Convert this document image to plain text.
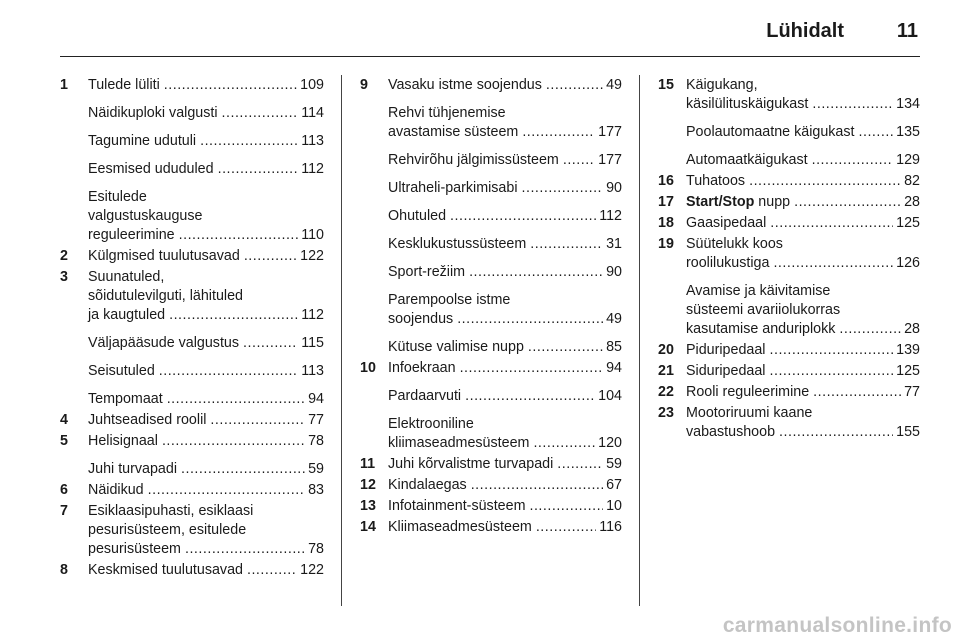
Lühidalt	11
1 Tulede lüliti .....	109
Näidikuploki valgusti .....	114
Tagumine udutuli .....	113
Eesmised ududuled .....	112
Esitulede
valgustuskauguse
reguleerimine .....	110
2 Külgmised tuulutusavad .....	122
3 Suunatuled,
sõidutulevilguti, lähituled
ja kaugtuled .....	112
Väljapääsude valgustus .....	115
Seisutuled .....	113
Tempomaat .....	94
4 Juhtseadised roolil .....	77
5 Helisignaal .....	78
Juhi turvapadi .....	59
6 Näidikud .....	83
7 Esiklaasipuhasti, esiklaasi
pesurisüsteem, esitulede
pesurisüsteem .....	78
8 Keskmised tuulutusavad .....	122
9 Vasaku istme soojendus .....	49
Rehvi tühjenemise
avastamise süsteem .....	177
Rehvirõhu jälgimissüsteem .....	177
Ultraheli-parkimisabi .....	90
Ohutuled .....	112
Kesklukustussüsteem .....	31
Sport-režiim .....	90
Parempoolse istme
soojendus .....	49
Kütuse valimise nupp .....	85
10 Infoekraan .....	94
Pardaarvuti .....	104
Elektrooniline
kliimaseadmesüsteem .....	120
11 Juhi kõrvalistme turvapadi .....	59
12 Kindalaegas .....	67
13 Infotainment-süsteem .....	10
14 Kliimaseadmesüsteem .....	116
15 Käigukang,
käsilülituskäigukast .....	134
Poolautomaatne käigukast .....	135
Automaatkäigukast .....	129
16 Tuhatoos .....	82
17 Start/Stop
nupp .....	28
18 Gaasipedaal .....	125
19 Süütelukk koos
roolilukustiga .....	126
Avamise ja käivitamise
süsteemi avariiolukorras
kasutamise anduriplokk .....	28
20 Piduripedaal .....	139
21 Siduripedaal .....	125
22 Rooli reguleerimine .....	77
23 Mootoriruumi kaane
vabastushoob .....	155
carmanualsonline.info
